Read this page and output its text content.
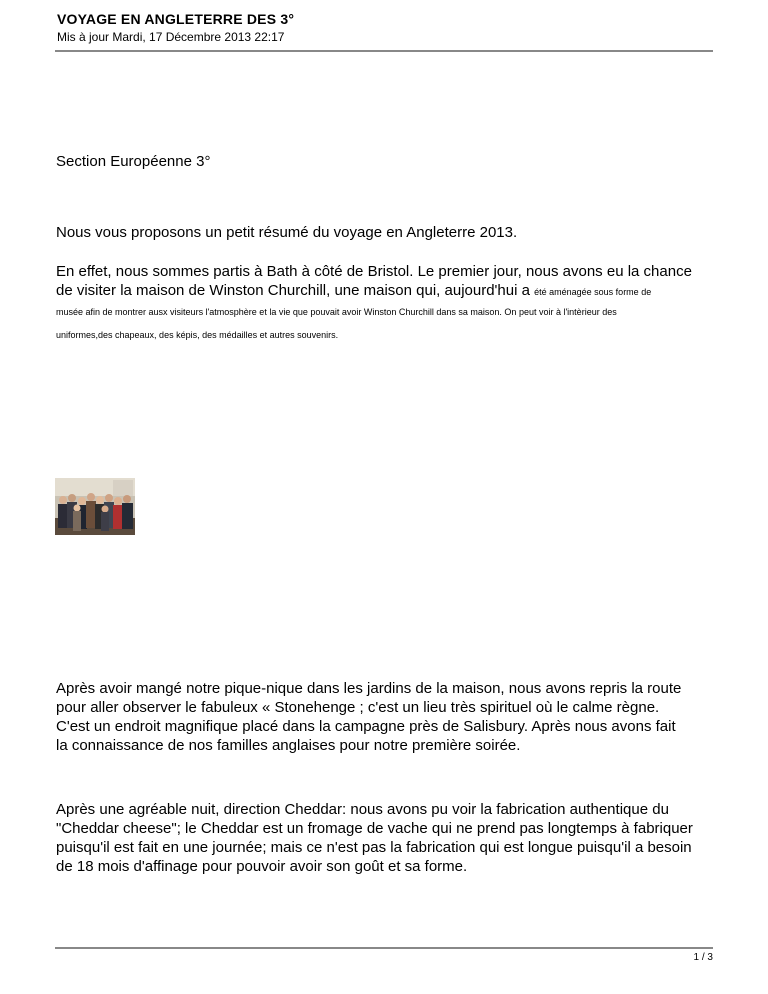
VOYAGE EN ANGLETERRE DES 3°
Mis à jour Mardi, 17 Décembre 2013 22:17

Section Européenne 3°

Nous vous proposons un petit résumé du voyage en Angleterre 2013.

En effet, nous sommes partis à Bath à côté de Bristol. Le premier jour, nous avons eu la chance

de visiter la maison de Winston Churchill, une maison qui, aujourd'hui a été aménagée sous forme de

musée afin de montrer ausx visiteurs l'atmosphère et la vie que pouvait avoir Winston Churchill dans sa maison. On peut voir à l'intèrieur des

uniformes,des chapeaux, des képis, des médailles et autres souvenirs.

Après avoir mangé notre pique-nique dans les jardins de la maison, nous avons repris la route

pour aller observer le fabuleux « Stonehenge ; c'est un lieu très spirituel où le calme règne.

C'est un endroit magnifique placé dans la campagne près de Salisbury. Après nous avons fait

la connaissance de nos familles anglaises pour notre première soirée.

Après une agréable nuit, direction Cheddar: nous avons pu voir la fabrication authentique du

"Cheddar cheese"; le Cheddar est un fromage de vache qui ne prend pas longtemps à fabriquer

puisqu'il est fait en une journée; mais ce n'est pas la fabrication qui est longue puisqu'il a besoin

de 18 mois d'affinage pour pouvoir avoir son goût et sa forme.

1 / 3
